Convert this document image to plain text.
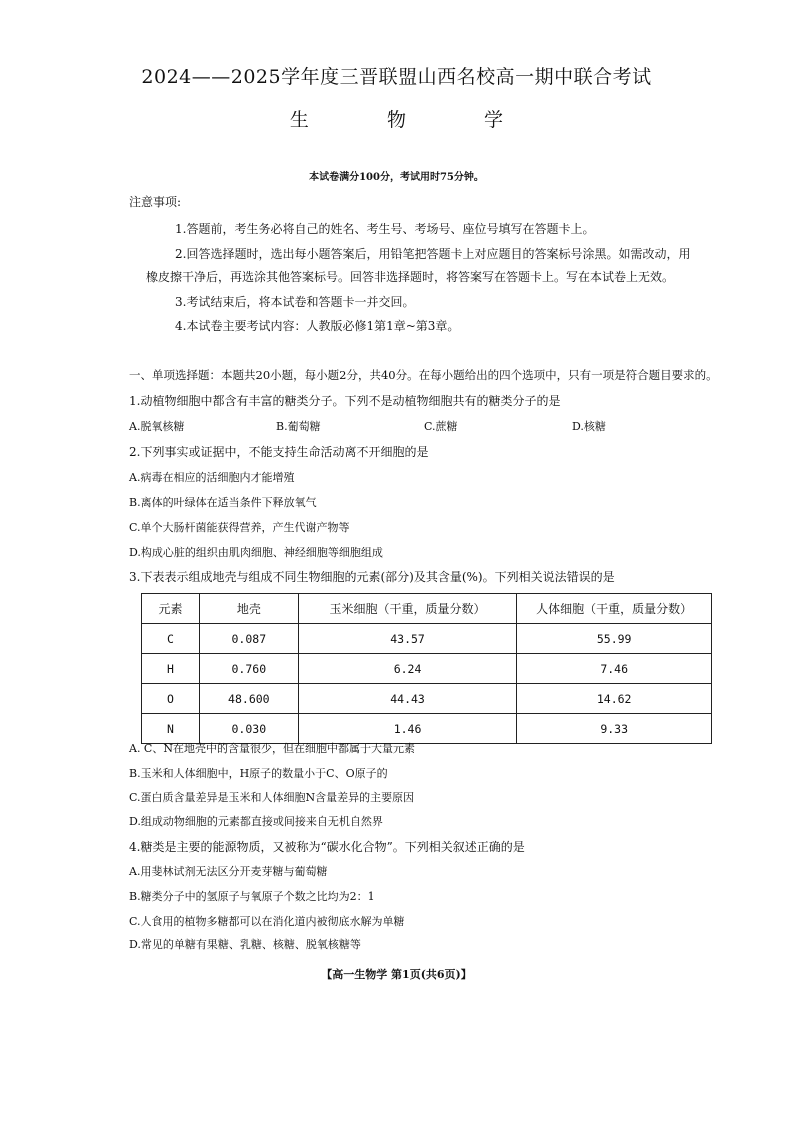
2024——2025学年度三晋联盟山西名校高一期中联合考试
生	物	学
本试卷满分100分，考试用时75分钟。
注意事项:
1.答题前，考生务必将自己的姓名、考生号、考场号、座位号填写在答题卡上。
2.回答选择题时，选出每小题答案后，用铅笔把答题卡上对应题目的答案标号涂黑。如需改动，用
橡皮擦干净后，再选涂其他答案标号。回答非选择题时，将答案写在答题卡上。写在本试卷上无效。
3.考试结束后，将本试卷和答题卡一并交回。
4.本试卷主要考试内容：人教版必修1第1章~第3章。
一、单项选择题：本题共20小题，每小题2分，共40分。在每小题给出的四个选项中，只有一项是符合题目要求的。
1.动植物细胞中都含有丰富的糖类分子。下列不是动植物细胞共有的糖类分子的是
A.脱氧核糖	B.葡萄糖	C.蔗糖	D.核糖
2.下列事实或证据中，不能支持生命活动离不开细胞的是
A.病毒在相应的活细胞内才能增殖
B.离体的叶绿体在适当条件下释放氧气
C.单个大肠杆菌能获得营养，产生代谢产物等
D.构成心脏的组织由肌肉细胞、神经细胞等细胞组成
3.下表表示组成地壳与组成不同生物细胞的元素(部分)及其含量(%)。下列相关说法错误的是
元素	地壳	玉米细胞（干重，质量分数）	人体细胞（干重，质量分数）
C	0.087	43.57	55.99
H	0.760	6.24	7.46
O	48.600	44.43	14.62
N	0.030	1.46	9.33
A. C、N在地壳中的含量很少，但在细胞中都属于大量元素
B.玉米和人体细胞中，H原子的数量小于C、O原子的
C.蛋白质含量差异是玉米和人体细胞N含量差异的主要原因
D.组成动物细胞的元素都直接或间接来自无机自然界
4.糖类是主要的能源物质，又被称为“碳水化合物”。下列相关叙述正确的是
A.用斐林试剂无法区分开麦芽糖与葡萄糖
B.糖类分子中的氢原子与氧原子个数之比均为2：1
C.人食用的植物多糖都可以在消化道内被彻底水解为单糖
D.常见的单糖有果糖、乳糖、核糖、脱氧核糖等
【高一生物学 第1页(共6页)】
